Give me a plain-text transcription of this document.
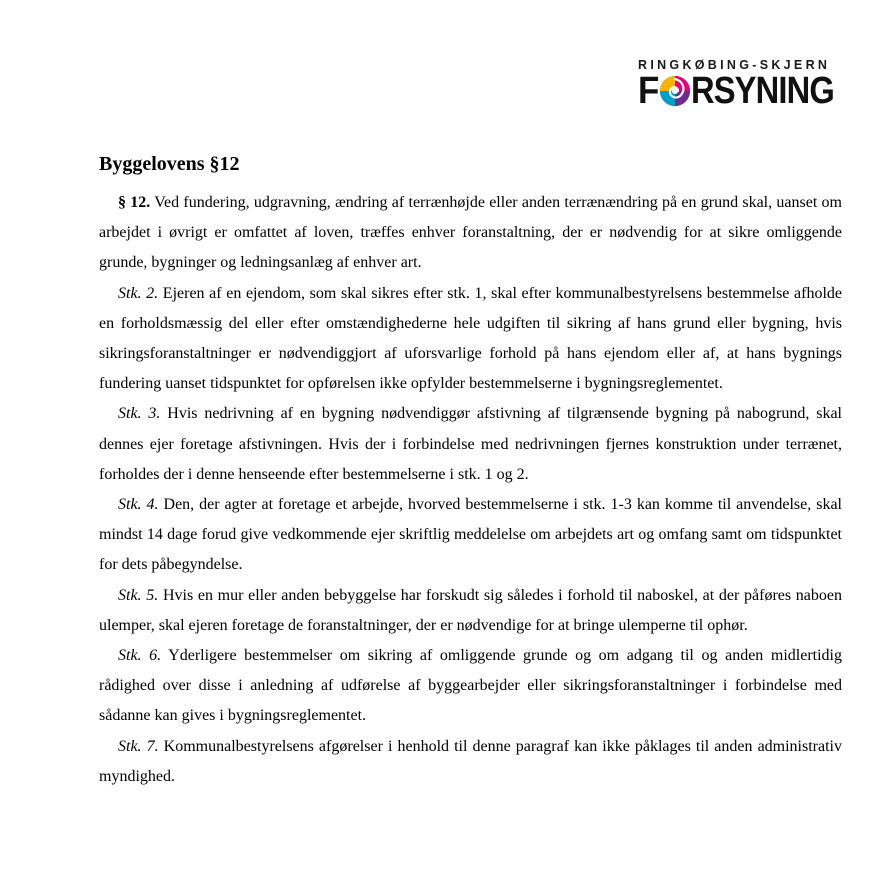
RINGKØBING-SKJERN
F RSYNING
Byggelovens §12

§ 12. Ved fundering, udgravning, ændring af terrænhøjde eller anden terrænændring på en grund skal, uanset om arbejdet i øvrigt er omfattet af loven, træffes enhver foranstaltning, der er nødvendig for at sikre omliggende grunde, bygninger og ledningsanlæg af enhver art.

Stk. 2. Ejeren af en ejendom, som skal sikres efter stk. 1, skal efter kommunalbestyrelsens bestemmelse afholde en forholdsmæssig del eller efter omstændighederne hele udgiften til sikring af hans grund eller bygning, hvis sikringsforanstaltninger er nødvendiggjort af uforsvarlige forhold på hans ejendom eller af, at hans bygnings fundering uanset tidspunktet for opførelsen ikke opfylder bestemmelserne i bygningsreglementet.

Stk. 3. Hvis nedrivning af en bygning nødvendiggør afstivning af tilgrænsende bygning på nabogrund, skal dennes ejer foretage afstivningen. Hvis der i forbindelse med nedrivningen fjernes konstruktion under terrænet, forholdes der i denne henseende efter bestemmelserne i stk. 1 og 2.

Stk. 4. Den, der agter at foretage et arbejde, hvorved bestemmelserne i stk. 1-3 kan komme til anvendelse, skal mindst 14 dage forud give vedkommende ejer skriftlig meddelelse om arbejdets art og omfang samt om tidspunktet for dets påbegyndelse.

Stk. 5. Hvis en mur eller anden bebyggelse har forskudt sig således i forhold til naboskel, at der påføres naboen ulemper, skal ejeren foretage de foranstaltninger, der er nødvendige for at bringe ulemperne til ophør.

Stk. 6. Yderligere bestemmelser om sikring af omliggende grunde og om adgang til og anden midlertidig rådighed over disse i anledning af udførelse af byggearbejder eller sikringsforanstaltninger i forbindelse med sådanne kan gives i bygningsreglementet.

Stk. 7. Kommunalbestyrelsens afgørelser i henhold til denne paragraf kan ikke påklages til anden administrativ myndighed.
